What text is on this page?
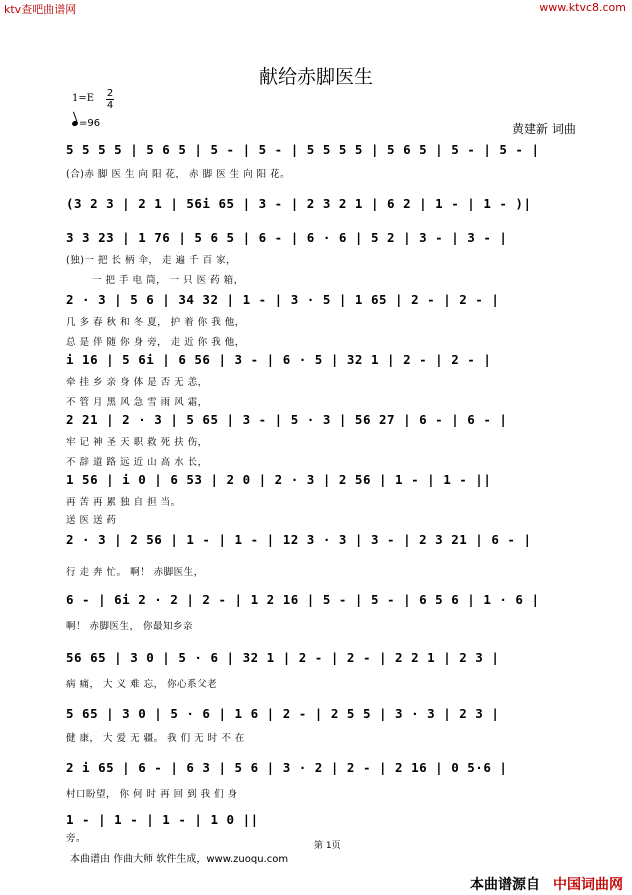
ktv查吧曲谱网	www.ktvc8.com
献给赤脚医生
1=E 2
4
=96	黄建新 词曲
5 5 5 5 | 5 6 5 | 5 - | 5 - | 5 5 5 5 | 5 6 5 | 5 - | 5 - |
(3 2 3 | 2 1 | 56i 65 | 3 - | 2 3 2 1 | 6 2 | 1 - | 1 - )|
3 3 23 | 1 76 | 5 6 5 | 6 - | 6 · 6 | 5 2 | 3 - | 3 - |
2 · 3 | 5 6 | 34 32 | 1 - | 3 · 5 | 1 65 | 2 - | 2 - |
i 16 | 5 6i | 6 56 | 3 - | 6 · 5 | 32 1 | 2 - | 2 - |
2 21 | 2 · 3 | 5 65 | 3 - | 5 · 3 | 56 27 | 6 - | 6 - |
1 56 | i 0 | 6 53 | 2 0 | 2 · 3 | 2 56 | 1 - | 1 - ||
2 · 3 | 2 56 | 1 - | 1 - | 12 3 · 3 | 3 - | 2 3 21 | 6 - |
6 - | 6i 2 · 2 | 2 - | 1 2 16 | 5 - | 5 - | 6 5 6 | 1 · 6 |
56 65 | 3 0 | 5 · 6 | 32 1 | 2 - | 2 - | 2 2 1 | 2 3 |
5 65 | 3 0 | 5 · 6 | 1 6 | 2 - | 2 5 5 | 3 · 3 | 2 3 |
2 i 65 | 6 - | 6 3 | 5 6 | 3 · 2 | 2 - | 2 16 | 0 5·6 |
1 - | 1 - | 1 - | 1 0 ||
(合)赤 脚 医 生 向 阳 花， 赤 脚 医 生 向 阳 花。
(独)一 把 长 柄 伞， 走 遍 千 百 家，
一 把 手 电 筒， 一 只 医 药 箱，
几 多 春 秋 和 冬 夏， 护 着 你 我 他，
总 是 伴 随 你 身 旁， 走 近 你 我 他，
牵 挂 乡 亲 身 体 是 否 无 恙，
不 管 月 黑 风 急 雪 雨 风 霜，
牢 记 神 圣 天 职 救 死 扶 伤，
不 辞 道 路 远 近 山 高 水 长，
再 苦 再 累 独 自 担 当。
送 医 送 药
行 走 奔 忙。 啊！ 赤脚医生，
啊！ 赤脚医生， 你最知乡亲
病 痛， 大 义 难 忘， 你心系父老
健 康， 大 爱 无 疆。 我 们 无 时 不 在
村口盼望， 你 何 时 再 回 到 我 们 身
旁。
第 1页
本曲谱由 作曲大师 软件生成，www.zuoqu.com
本曲谱源自 中国词曲网
